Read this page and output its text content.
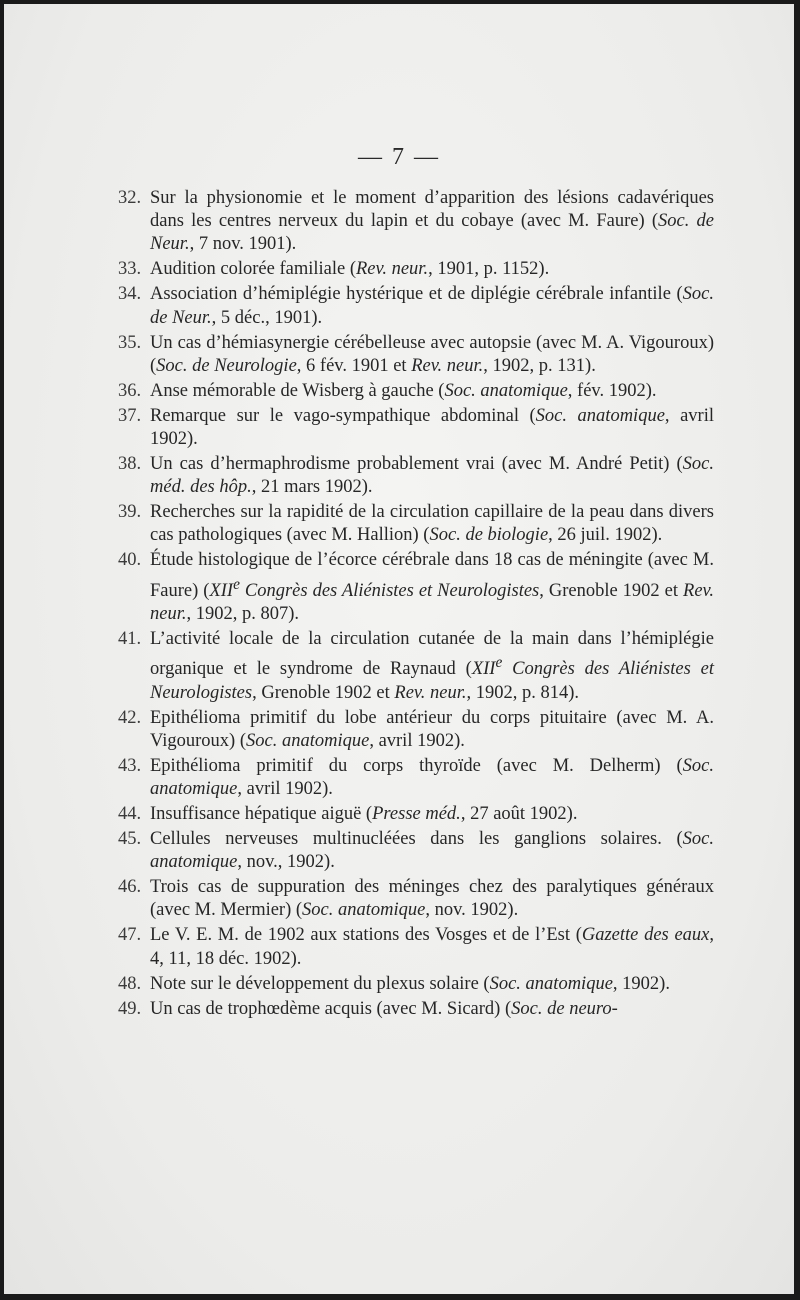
— 7 —
32. Sur la physionomie et le moment d’apparition des lésions cadavériques dans les centres nerveux du lapin et du cobaye (avec M. Faure) (Soc. de Neur., 7 nov. 1901).
33. Audition colorée familiale (Rev. neur., 1901, p. 1152).
34. Association d’hémiplégie hystérique et de diplégie cérébrale infantile (Soc. de Neur., 5 déc., 1901).
35. Un cas d’hémiasynergie cérébelleuse avec autopsie (avec M. A. Vigouroux) (Soc. de Neurologie, 6 fév. 1901 et Rev. neur., 1902, p. 131).
36. Anse mémorable de Wisberg à gauche (Soc. anatomique, fév. 1902).
37. Remarque sur le vago-sympathique abdominal (Soc. anatomique, avril 1902).
38. Un cas d’hermaphrodisme probablement vrai (avec M. André Petit) (Soc. méd. des hôp., 21 mars 1902).
39. Recherches sur la rapidité de la circulation capillaire de la peau dans divers cas pathologiques (avec M. Hallion) (Soc. de biologie, 26 juil. 1902).
40. Étude histologique de l’écorce cérébrale dans 18 cas de méningite (avec M. Faure) (XIIe Congrès des Aliénistes et Neurologistes, Grenoble 1902 et Rev. neur., 1902, p. 807).
41. L’activité locale de la circulation cutanée de la main dans l’hémiplégie organique et le syndrome de Raynaud (XIIe Congrès des Aliénistes et Neurologistes, Grenoble 1902 et Rev. neur., 1902, p. 814).
42. Epithélioma primitif du lobe antérieur du corps pituitaire (avec M. A. Vigouroux) (Soc. anatomique, avril 1902).
43. Epithélioma primitif du corps thyroïde (avec M. Delherm) (Soc. anatomique, avril 1902).
44. Insuffisance hépatique aiguë (Presse méd., 27 août 1902).
45. Cellules nerveuses multinucléées dans les ganglions solaires. (Soc. anatomique, nov., 1902).
46. Trois cas de suppuration des méninges chez des paralytiques généraux (avec M. Mermier) (Soc. anatomique, nov. 1902).
47. Le V. E. M. de 1902 aux stations des Vosges et de l’Est (Gazette des eaux, 4, 11, 18 déc. 1902).
48. Note sur le développement du plexus solaire (Soc. anatomique, 1902).
49. Un cas de trophœdème acquis (avec M. Sicard) (Soc. de neuro-
